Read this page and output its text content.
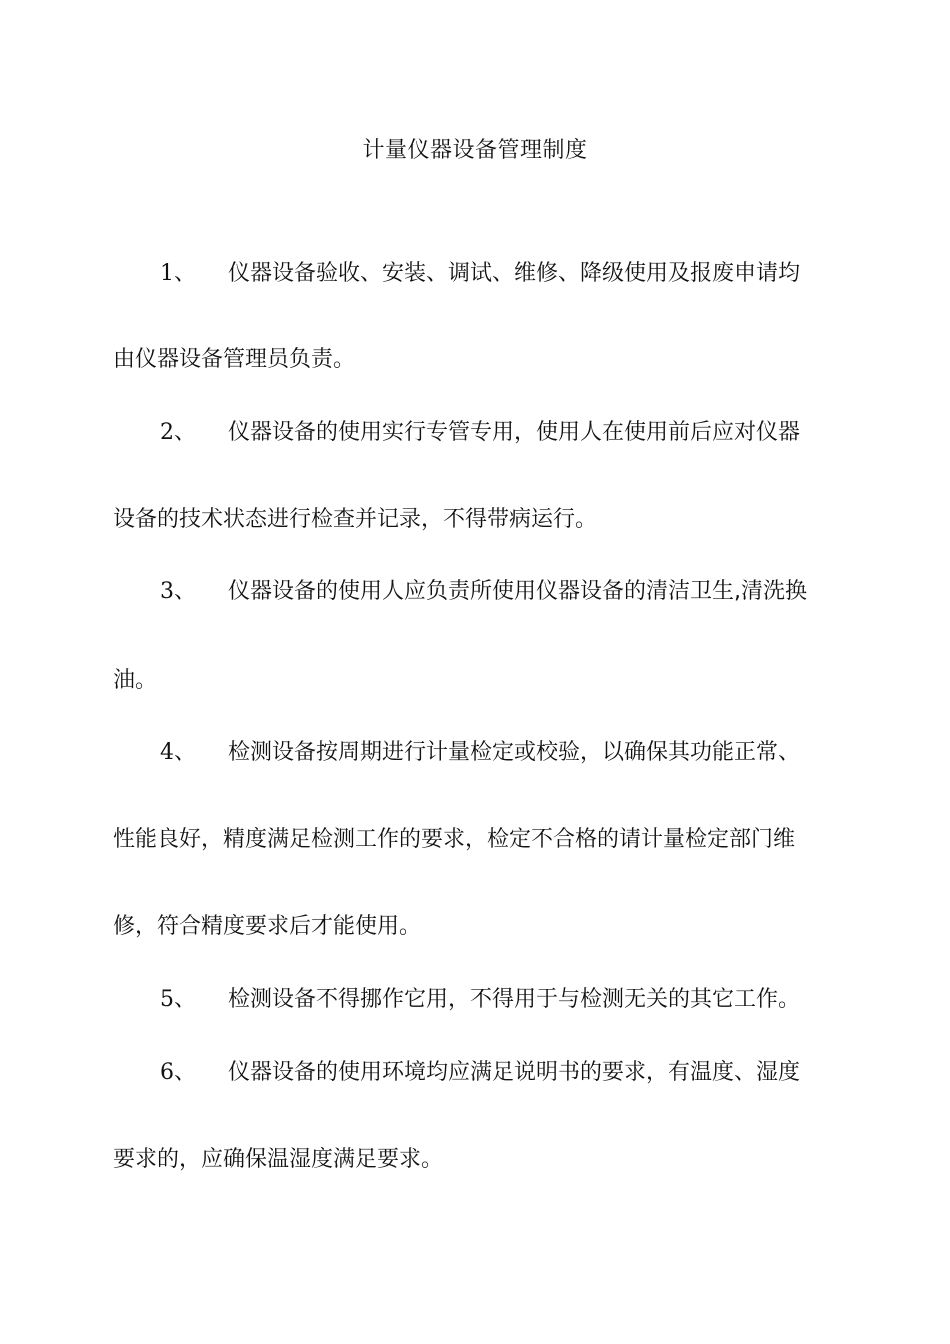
计量仪器设备管理制度
1、 仪器设备验收、安装、调试、维修、降级使用及报废申请均
由仪器设备管理员负责。
2、 仪器设备的使用实行专管专用，使用人在使用前后应对仪器
设备的技术状态进行检查并记录，不得带病运行。
3、 仪器设备的使用人应负责所使用仪器设备的清洁卫生,清洗换
油。
4、 检测设备按周期进行计量检定或校验，以确保其功能正常、
性能良好，精度满足检测工作的要求，检定不合格的请计量检定部门维
修，符合精度要求后才能使用。
5、 检测设备不得挪作它用，不得用于与检测无关的其它工作。
6、 仪器设备的使用环境均应满足说明书的要求，有温度、湿度
要求的，应确保温湿度满足要求。
